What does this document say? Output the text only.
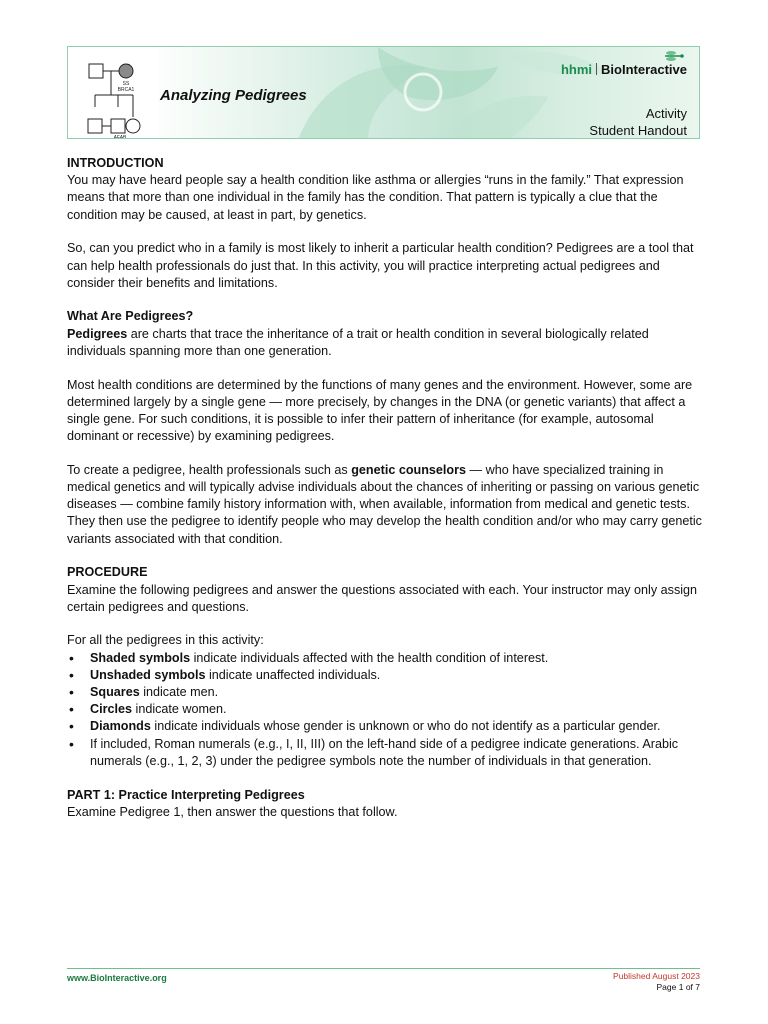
SS
BRCA1
AFAB
Analyzing Pedigrees
hhmi BioInteractive
Activity
Student Handout
INTRODUCTION

You may have heard people say a health condition like asthma or allergies “runs in the family.” That expression means that more than one individual in the family has the condition. That pattern is typically a clue that the condition may be caused, at least in part, by genetics.

So, can you predict who in a family is most likely to inherit a particular health condition? Pedigrees are a tool that can help health professionals do just that. In this activity, you will practice interpreting actual pedigrees and consider their benefits and limitations.

What Are Pedigrees?

Pedigrees are charts that trace the inheritance of a trait or health condition in several biologically related individuals spanning more than one generation.

Most health conditions are determined by the functions of many genes and the environment. However, some are determined largely by a single gene — more precisely, by changes in the DNA (or genetic variants) that affect a single gene. For such conditions, it is possible to infer their pattern of inheritance (for example, autosomal dominant or recessive) by examining pedigrees.

To create a pedigree, health professionals such as genetic counselors — who have specialized training in medical genetics and will typically advise individuals about the chances of inheriting or passing on various genetic diseases — combine family history information with, when available, information from medical and genetic tests. They then use the pedigree to identify people who may develop the health condition and/or who may carry genetic variants associated with that condition.

PROCEDURE

Examine the following pedigrees and answer the questions associated with each. Your instructor may only assign certain pedigrees and questions.

For all the pedigrees in this activity:
• Shaded symbols indicate individuals affected with the health condition of interest.
• Unshaded symbols indicate unaffected individuals.
• Squares indicate men.
• Circles indicate women.
• Diamonds indicate individuals whose gender is unknown or who do not identify as a particular gender.
• If included, Roman numerals (e.g., I, II, III) on the left-hand side of a pedigree indicate generations. Arabic numerals (e.g., 1, 2, 3) under the pedigree symbols note the number of individuals in that generation.
PART 1: Practice Interpreting Pedigrees

Examine Pedigree 1, then answer the questions that follow.

www.BioInteractive.org	Published August 2023
Page 1 of 7
